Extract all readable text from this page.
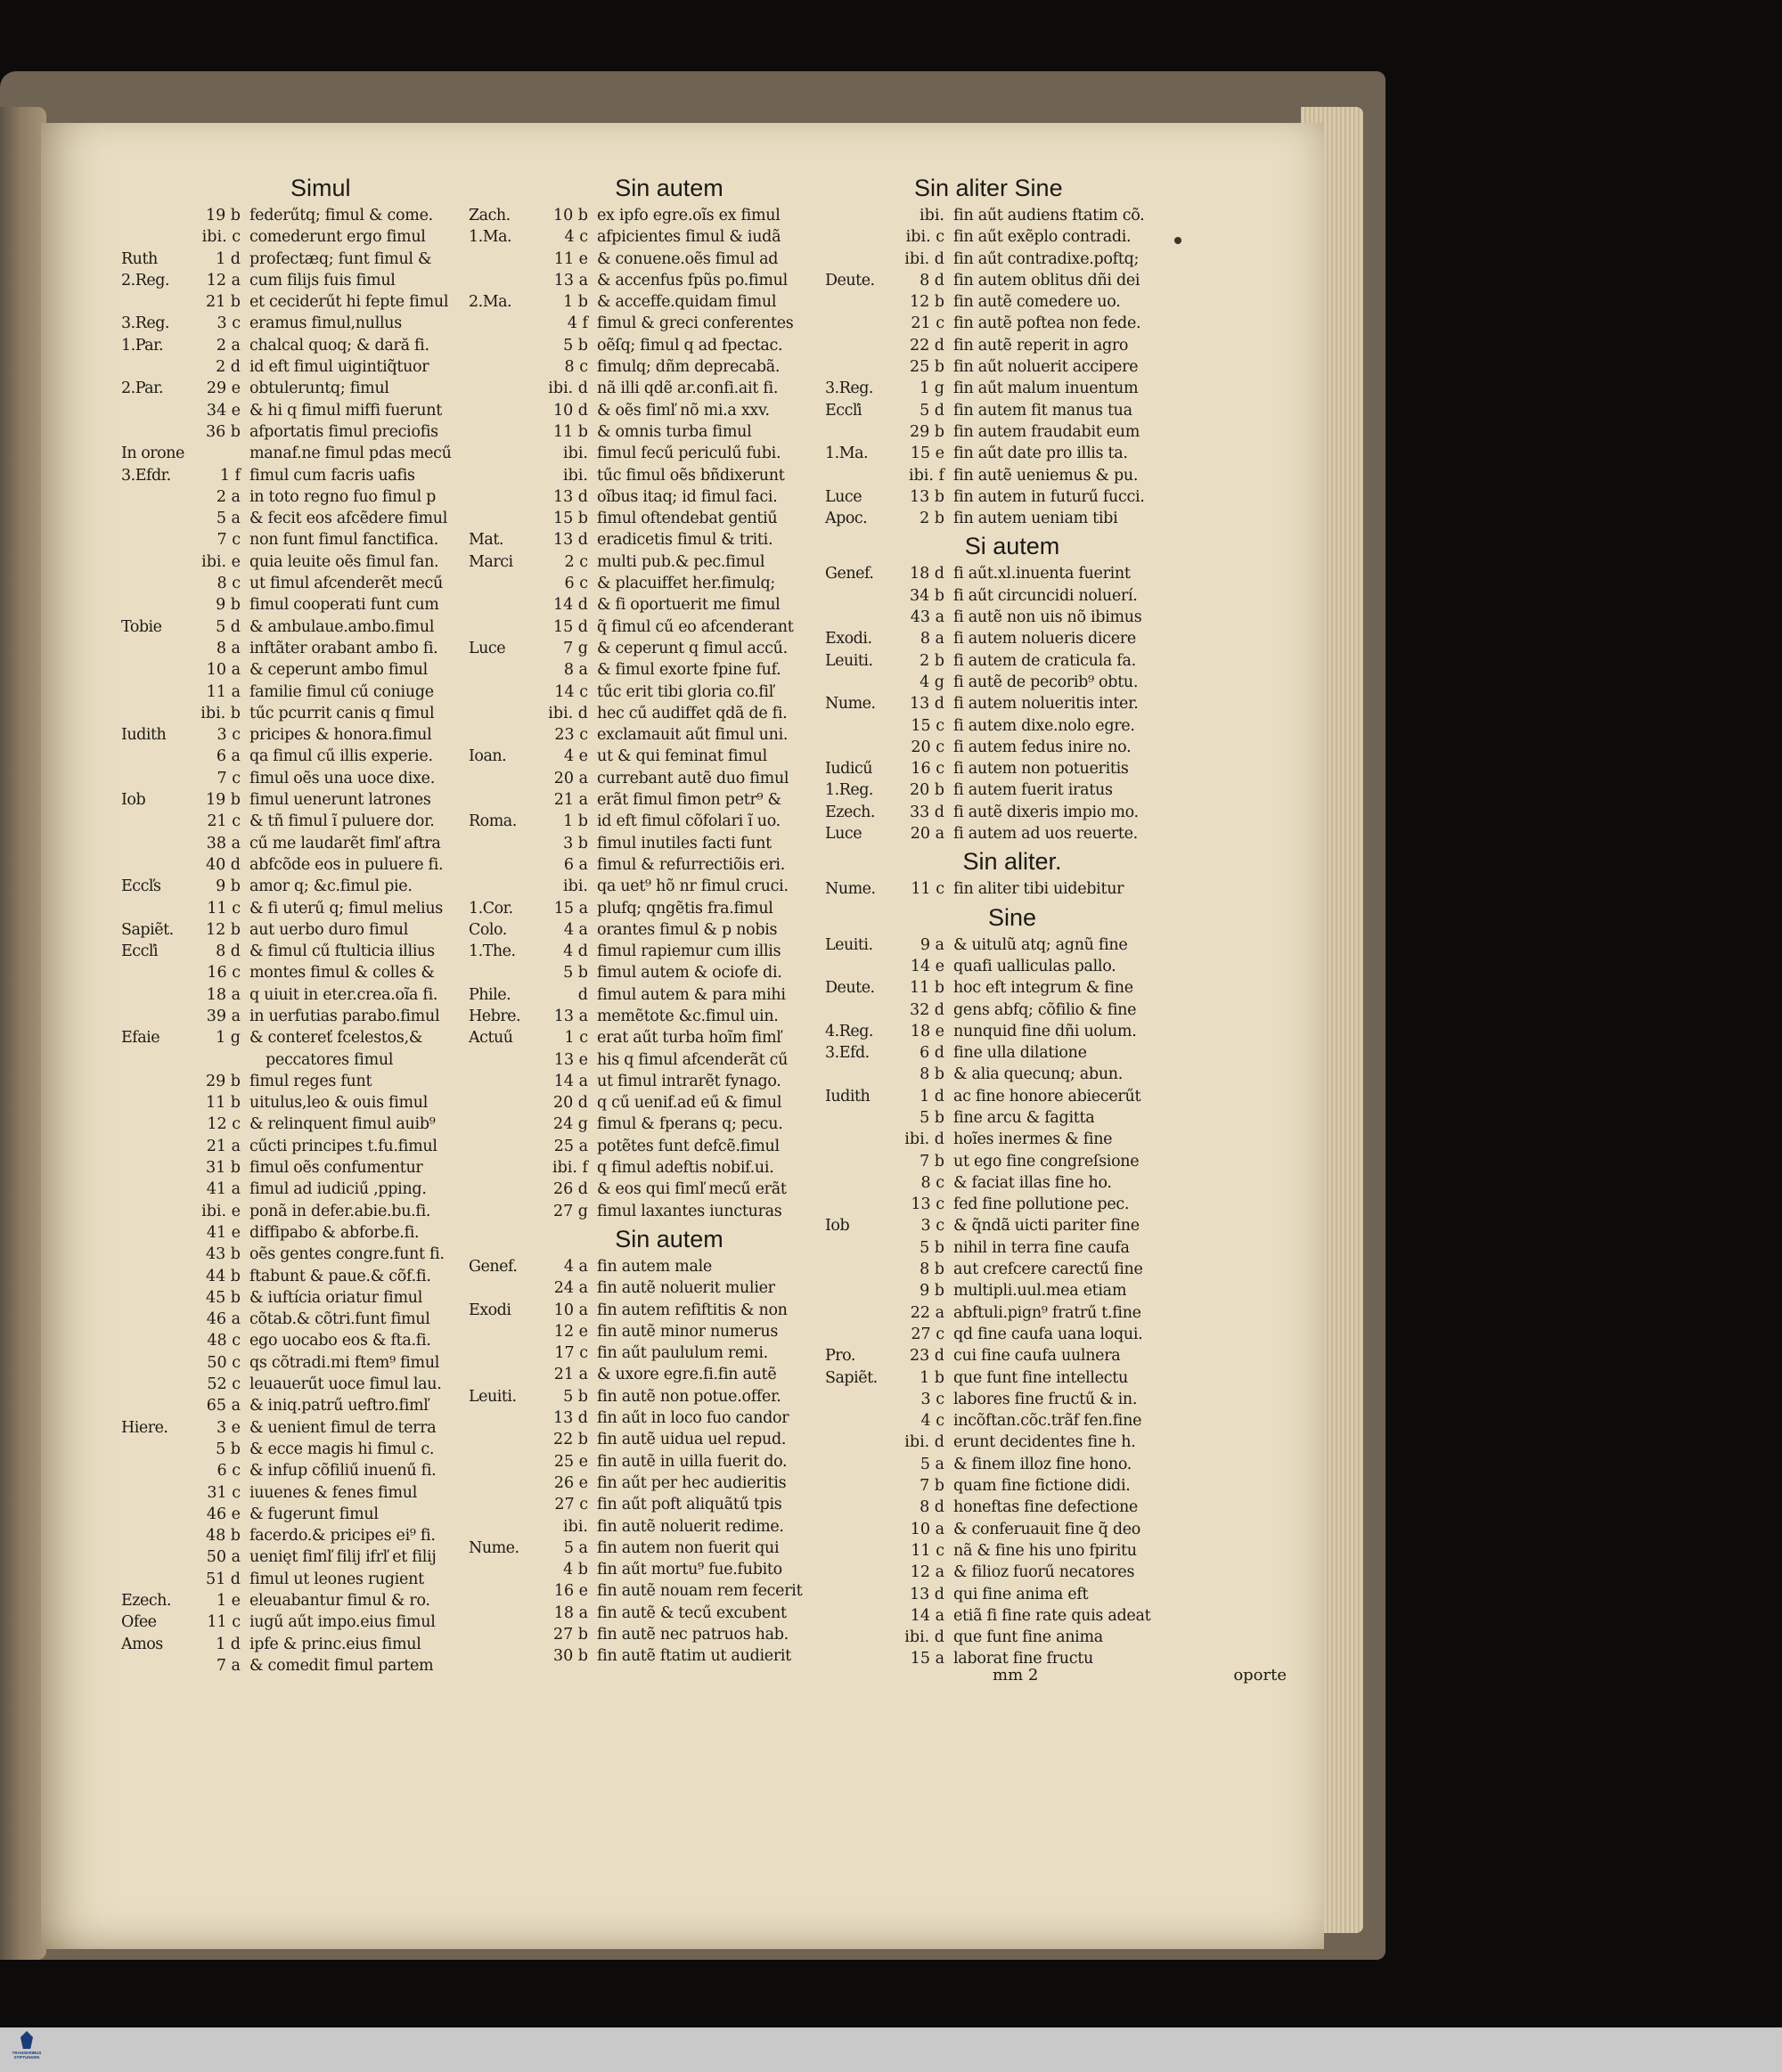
Simul
19 b federűtq; fimul & come.
ibi. c comederunt ergo fimul
Ruth	1 d profectæq; funt fimul &
2.Reg.	12 a cum filijs fuis fimul
21 b et ceciderűt hi fepte fimul
3.Reg.	3 c eramus fimul,nullus
1.Par.	2 a chalcal quoq; & dară fi.
2 d id eft fimul uigintiq̃tuor
2.Par.	29 e obtuleruntq; fimul
34 e & hi q fimul miffi fuerunt
36 b afportatis fimul preciofis
In orone	manaf.ne fimul pdas mecű
3.Efdr.	1 f fimul cum facris uafis
2 a in toto regno fuo fimul p
5 a & fecit eos afcẽdere fimul
7 c non funt fimul fanctifica.
ibi. e quia leuite oẽs fimul fan.
8 c ut fimul afcenderẽt mecű
9 b fimul cooperati funt cum
Tobie	5 d & ambulaue.ambo.fimul
8 a inftãter orabant ambo fi.
10 a & ceperunt ambo fimul
11 a familie fimul cű coniuge
ibi. b tűc pcurrit canis q fimul
Iudith	3 c pricipes & honora.fimul
6 a qa fimul cű illis experie.
7 c fimul oẽs una uoce dixe.
Iob	19 b fimul uenerunt latrones
21 c & tñ fimul ĩ puluere dor.
38 a cű me laudarẽt fimľ aftra
40 d abfcõde eos in puluere fi.
Eccľs	9 b amor q; &c.fimul pie.
11 c & fi uterű q; fimul melius
Sapiẽt.	12 b aut uerbo duro fimul
Eccľi	8 d & fimul cű ftulticia illius
16 c montes fimul & colles &
18 a q uiuit in eter.crea.oĩa fi.
39 a in uerfutias parabo.fimul
Efaie	1 g & contereť fcelestos,&
peccatores fimul
29 b fimul reges funt
11 b uitulus,leo & ouis fimul
12 c & relinquent fimul auib⁹
21 a cűcti principes t.fu.fimul
31 b fimul oẽs confumentur
41 a fimul ad iudiciű ,pping.
ibi. e ponã in defer.abie.bu.fi.
41 e diffipabo & abforbe.fi.
43 b oẽs gentes congre.funt fi.
44 b ftabunt & paue.& cõf.fi.
45 b & iuftícia oriatur fimul
46 a cõtab.& cõtri.funt fimul
48 c ego uocabo eos & fta.fi.
50 c qs cõtradi.mi ftem⁹ fimul
52 c leuauerűt uoce fimul lau.
65 a & iniq.patrű ueftro.fimľ
Hiere.	3 e & uenient fimul de terra
5 b & ecce magis hi fimul c.
6 c & infup cõfiliű inuenű fi.
31 c iuuenes & fenes fimul
46 e & fugerunt fimul
48 b facerdo.& pricipes ei⁹ fi.
50 a uenięt fimľ filij ifrľ et filij
51 d fimul ut leones rugient
Ezech.	1 e eleuabantur fimul & ro.
Ofee	11 c iugű aűt impo.eius fimul
Amos	1 d ipfe & princ.eius fimul
7 a & comedit fimul partem
Sin autem
Zach.	10 b ex ipfo egre.oĩs ex fimul
1.Ma.	4 c afpicientes fimul & iudã
11 e & conuene.oẽs fimul ad
13 a & accenfus fpũs po.fimul
2.Ma.	1 b & acceffe.quidam fimul
4 f fimul & greci conferentes
5 b oẽſq; fimul q ad fpectac.
8 c fimulq; dñm deprecabã.
ibi. d nã illi qdẽ ar.confi.ait fi.
10 d & oẽs fimľ nõ mi.a xxv.
11 b & omnis turba fimul
ibi. fimul fecű periculű fubi.
ibi. tűc fimul oẽs bñdixerunt
13 d oĩbus itaq; id fimul faci.
15 b fimul oftendebat gentiű
Mat.	13 d eradicetis fimul & triti.
Marci	2 c multi pub.& pec.fimul
6 c & placuiffet her.fimulq;
14 d & fi oportuerit me fimul
15 d q̃ fimul cű eo afcenderant
Luce	7 g & ceperunt q fimul accű.
8 a & fimul exorte fpine fuf.
14 c tűc erit tibi gloria co.fiľ
ibi. d hec cű audiffet qdã de fi.
23 c exclamauit aűt fimul uni.
Ioan.	4 e ut & qui feminat fimul
20 a currebant autẽ duo fimul
21 a erãt fimul fimon petr⁹ &
Roma.	1 b id eft fimul cõfolari ĩ uo.
3 b fimul inutiles facti funt
6 a fimul & refurrectiõis eri.
ibi. qa uet⁹ hõ nr fimul cruci.
1.Cor.	15 a plufq; qngẽtis fra.fimul
Colo.	4 a orantes fimul & p nobis
1.The.	4 d fimul rapiemur cum illis
5 b fimul autem & ociofe di.
Phile.	d fimul autem & para mihi
Hebre.	13 a memẽtote &c.fimul uin.
Actuű	1 c erat aűt turba hoĩm fimľ
13 e his q fimul afcenderãt cű
14 a ut fimul intrarẽt fynago.
20 d q cű uenif.ad eű & fimul
24 g fimul & fperans q; pecu.
25 a potẽtes funt defcẽ.fimul
ibi. f q fimul adeftis nobif.ui.
26 d & eos qui fimľ mecű erãt
27 g fimul laxantes iuncturas
Sin autem
Genef.	4 a fin autem male
24 a fin autẽ noluerit mulier
Exodi	10 a fin autem refiftitis & non
12 e fin autẽ minor numerus
17 c fin aűt paululum remi.
21 a & uxore egre.fi.fin autẽ
Leuiti.	5 b fin autẽ non potue.offer.
13 d fin aűt in loco fuo candor
22 b fin autẽ uidua uel repud.
25 e fin autẽ in uilla fuerit do.
26 e fin aűt per hec audieritis
27 c fin aűt poft aliquãtű tpis
ibi. fin autẽ noluerit redime.
Nume.	5 a fin autem non fuerit qui
4 b fin aűt mortu⁹ fue.fubito
16 e fin autẽ nouam rem fecerit
18 a fin autẽ & tecű excubent
27 b fin autẽ nec patruos hab.
30 b fin autẽ ftatim ut audierit
Sin aliter Sine
ibi. fin aűt audiens ftatim cõ.
ibi. c fin aűt exẽplo contradi.
ibi. d fin aűt contradixe.poftq;
Deute.	8 d fin autem oblitus dñi dei
12 b fin autẽ comedere uo.
21 c fin autẽ poftea non fede.
22 d fin autẽ reperit in agro
25 b fin aűt noluerit accipere
3.Reg.	1 g fin aűt malum inuentum
Eccľi	5 d fin autem fit manus tua
29 b fin autem fraudabit eum
1.Ma.	15 e fin aűt date pro illis ta.
ibi. f fin autẽ ueniemus & pu.
Luce	13 b fin autem in futurű fucci.
Apoc.	2 b fin autem ueniam tibi
Si autem
Genef.	18 d fi aűt.xl.inuenta fuerint
34 b fi aűt circuncidi noluerí.
43 a fi autẽ non uis nõ ibimus
Exodi.	8 a fi autem nolueris dicere
Leuiti.	2 b fi autem de craticula fa.
4 g fi autẽ de pecorib⁹ obtu.
Nume.	13 d fi autem nolueritis inter.
15 c fi autem dixe.nolo egre.
20 c fi autem fedus inire no.
Iudicű	16 c fi autem non potueritis
1.Reg.	20 b fi autem fuerit iratus
Ezech.	33 d fi autẽ dixeris impio mo.
Luce	20 a fi autem ad uos reuerte.
Sin aliter.
Nume.	11 c fin aliter tibi uidebitur
Sine
Leuiti.	9 a & uitulũ atq; agnũ fine
14 e quafi ualliculas pallo.
Deute.	11 b hoc eft integrum & fine
32 d gens abfq; cõfilio & fine
4.Reg.	18 e nunquid fine dñi uolum.
3.Efd.	6 d fine ulla dilatione
8 b & alia quecunq; abun.
Iudith	1 d ac fine honore abiecerűt
5 b fine arcu & fagitta
ibi. d hoĩes inermes & fine
7 b ut ego fine congreſsione
8 c & faciat illas fine ho.
13 c fed fine pollutione pec.
Iob	3 c & q̃ndã uicti pariter fine
5 b nihil in terra fine caufa
8 b aut crefcere carectű fine
9 b multipli.uul.mea etiam
22 a abftuli.pign⁹ fratrű t.fine
27 c qd fine caufa uana loqui.
Pro.	23 d cui fine caufa uulnera
Sapiẽt.	1 b que funt fine intellectu
3 c labores fine fructű & in.
4 c incõftan.cõc.trãf fen.fine
ibi. d erunt decidentes fine h.
5 a & finem illoz fine hono.
7 b quam fine fictione didi.
8 d honeftas fine defectione
10 a & conferuauit fine q̃ deo
11 c nã & fine his uno fpiritu
12 a & filioz fuorű necatores
13 d qui fine anima eft
14 a etiã fi fine rate quis adeat
ibi. d que funt fine anima
15 a laborat fine fructu
mm 2	oporte
TRANSKRIBUS STIFTUNGEN
